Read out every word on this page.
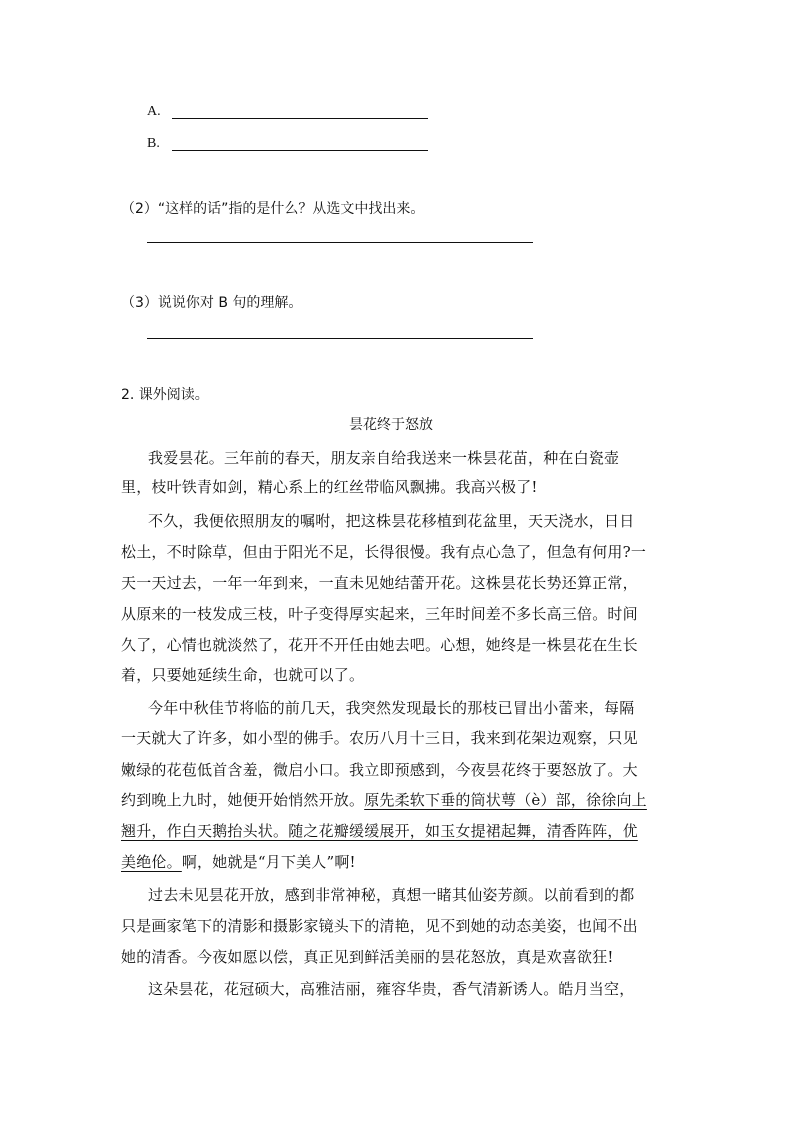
A.
B.
（2）“这样的话”指的是什么？从选文中找出来。
（3）说说你对 B 句的理解。
2. 课外阅读。
昙花终于怒放
我爱昙花。三年前的春天，朋友亲自给我送来一株昙花苗，种在白瓷壶
里，枝叶铁青如剑，精心系上的红丝带临风飘拂。我高兴极了!
不久，我便依照朋友的嘱咐，把这株昙花移植到花盆里，天天浇水，日日
松土，不时除草，但由于阳光不足，长得很慢。我有点心急了，但急有何用?一
天一天过去，一年一年到来，一直未见她结蕾开花。这株昙花长势还算正常，
从原来的一枝发成三枝，叶子变得厚实起来，三年时间差不多长高三倍。时间
久了，心情也就淡然了，花开不开任由她去吧。心想，她终是一株昙花在生长
着，只要她延续生命，也就可以了。
今年中秋佳节将临的前几天，我突然发现最长的那枝已冒出小蕾来，每隔
一天就大了许多，如小型的佛手。农历八月十三日，我来到花架边观察，只见
嫩绿的花苞低首含羞，微启小口。我立即预感到，今夜昙花终于要怒放了。大
约到晚上九时，她便开始悄然开放。原先柔软下垂的筒状萼（è）部，徐徐向上
翘升，作白天鹅抬头状。随之花瓣缓缓展开，如玉女提裙起舞，清香阵阵，优
美绝伦。啊，她就是“月下美人”啊!
过去未见昙花开放，感到非常神秘，真想一睹其仙姿芳颜。以前看到的都
只是画家笔下的清影和摄影家镜头下的清艳，见不到她的动态美姿，也闻不出
她的清香。今夜如愿以偿，真正见到鲜活美丽的昙花怒放，真是欢喜欲狂!
这朵昙花，花冠硕大，高雅洁丽，雍容华贵，香气清新诱人。皓月当空，
